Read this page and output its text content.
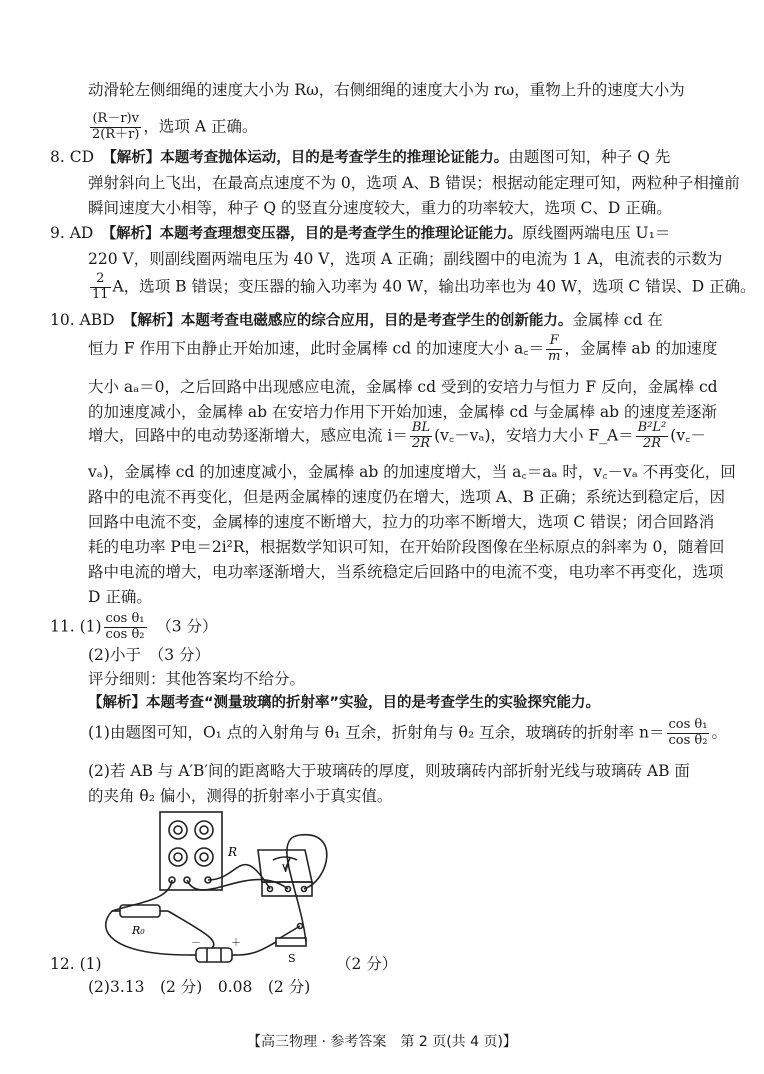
动滑轮左侧细绳的速度大小为 Rω，右侧细绳的速度大小为 rω，重物上升的速度大小为
$\frac{(R-r)v}{2(R+r)}$ ，选项 A 正确。
8. CD　 【解析】本题考查抛体运动，目的是考查学生的推理论证能力。由题图可知，种子 Q 先
弹射斜向上飞出，在最高点速度不为 0，选项 A、B 错误；根据动能定理可知，两粒种子相撞前
瞬间速度大小相等，种子 Q 的竖直分速度较大，重力的功率较大，选项 C、D 正确。
9. AD　 【解析】本题考查理想变压器，目的是考查学生的推理论证能力。原线圈两端电压 U₁＝
220 V，则副线圈两端电压为 40 V，选项 A 正确；副线圈中的电流为 1 A，电流表的示数为
$\frac{2}{11}$ A，选项 B 错误；变压器的输入功率为 40 W，输出功率也为 40 W，选项 C 错误、D 正确。
10. ABD　 【解析】本题考查电磁感应的综合应用，目的是考查学生的创新能力。金属棒 cd 在
恒力 F 作用下由静止开始加速，此时金属棒 cd 的加速度大小 a꜀＝ $\frac{F}{m}$ ，金属棒 ab 的加速度
大小 aₐ＝0，之后回路中出现感应电流，金属棒 cd 受到的安培力与恒力 F 反向，金属棒 cd
的加速度减小，金属棒 ab 在安培力作用下开始加速，金属棒 cd 与金属棒 ab 的速度差逐渐
增大，回路中的电动势逐渐增大，感应电流 $i= \frac{BL}{2R}$ (v꜀－vₐ)，安培力大小 F_A＝ $\frac{\text{B²L²}}{2R}$ (v꜀－
vₐ)，金属棒 cd 的加速度减小，金属棒 ab 的加速度增大，当 a꜀＝aₐ 时，v꜀－vₐ 不再变化，回
路中的电流不再变化，但是两金属棒的速度仍在增大，选项 A、B 正确；系统达到稳定后，因
回路中电流不变，金属棒的速度不断增大，拉力的功率不断增大，选项 C 错误；闭合回路消
耗的电功率 P电＝2i²R，根据数学知识可知，在开始阶段图像在坐标原点的斜率为 0，随着回
路中电流的增大，电功率逐渐增大，当系统稳定后回路中的电流不变，电功率不再变化，选项
D 正确。
11. $(1) \frac{\text{cos θ₁}}{\text{cos θ₂}}$
　 （3 分）
(2)小于　（3 分）
评分细则：其他答案均不给分。
【解析】本题考查“测量玻璃的折射率”实验，目的是考查学生的实验探究能力。
(1)由题图可知，O₁ 点的入射角与 θ₁ 互余，折射角与 θ₂ 互余，玻璃砖的折射率 $n= \frac{\text{cos θ₁}}{\text{cos θ₂}}$ 。
(2)若 AB 与 A′B′间的距离略大于玻璃砖的厚度，则玻璃砖内部折射光线与玻璃砖 AB 面
的夹角 θ₂ 偏小，测得的折射率小于真实值。
R
V
R₀
－	＋
S
12. (1)	（2 分）
(2)3.13　(2 分)　0.08　(2 分)
【高三物理 · 参考答案　第 2 页(共 4 页)】
